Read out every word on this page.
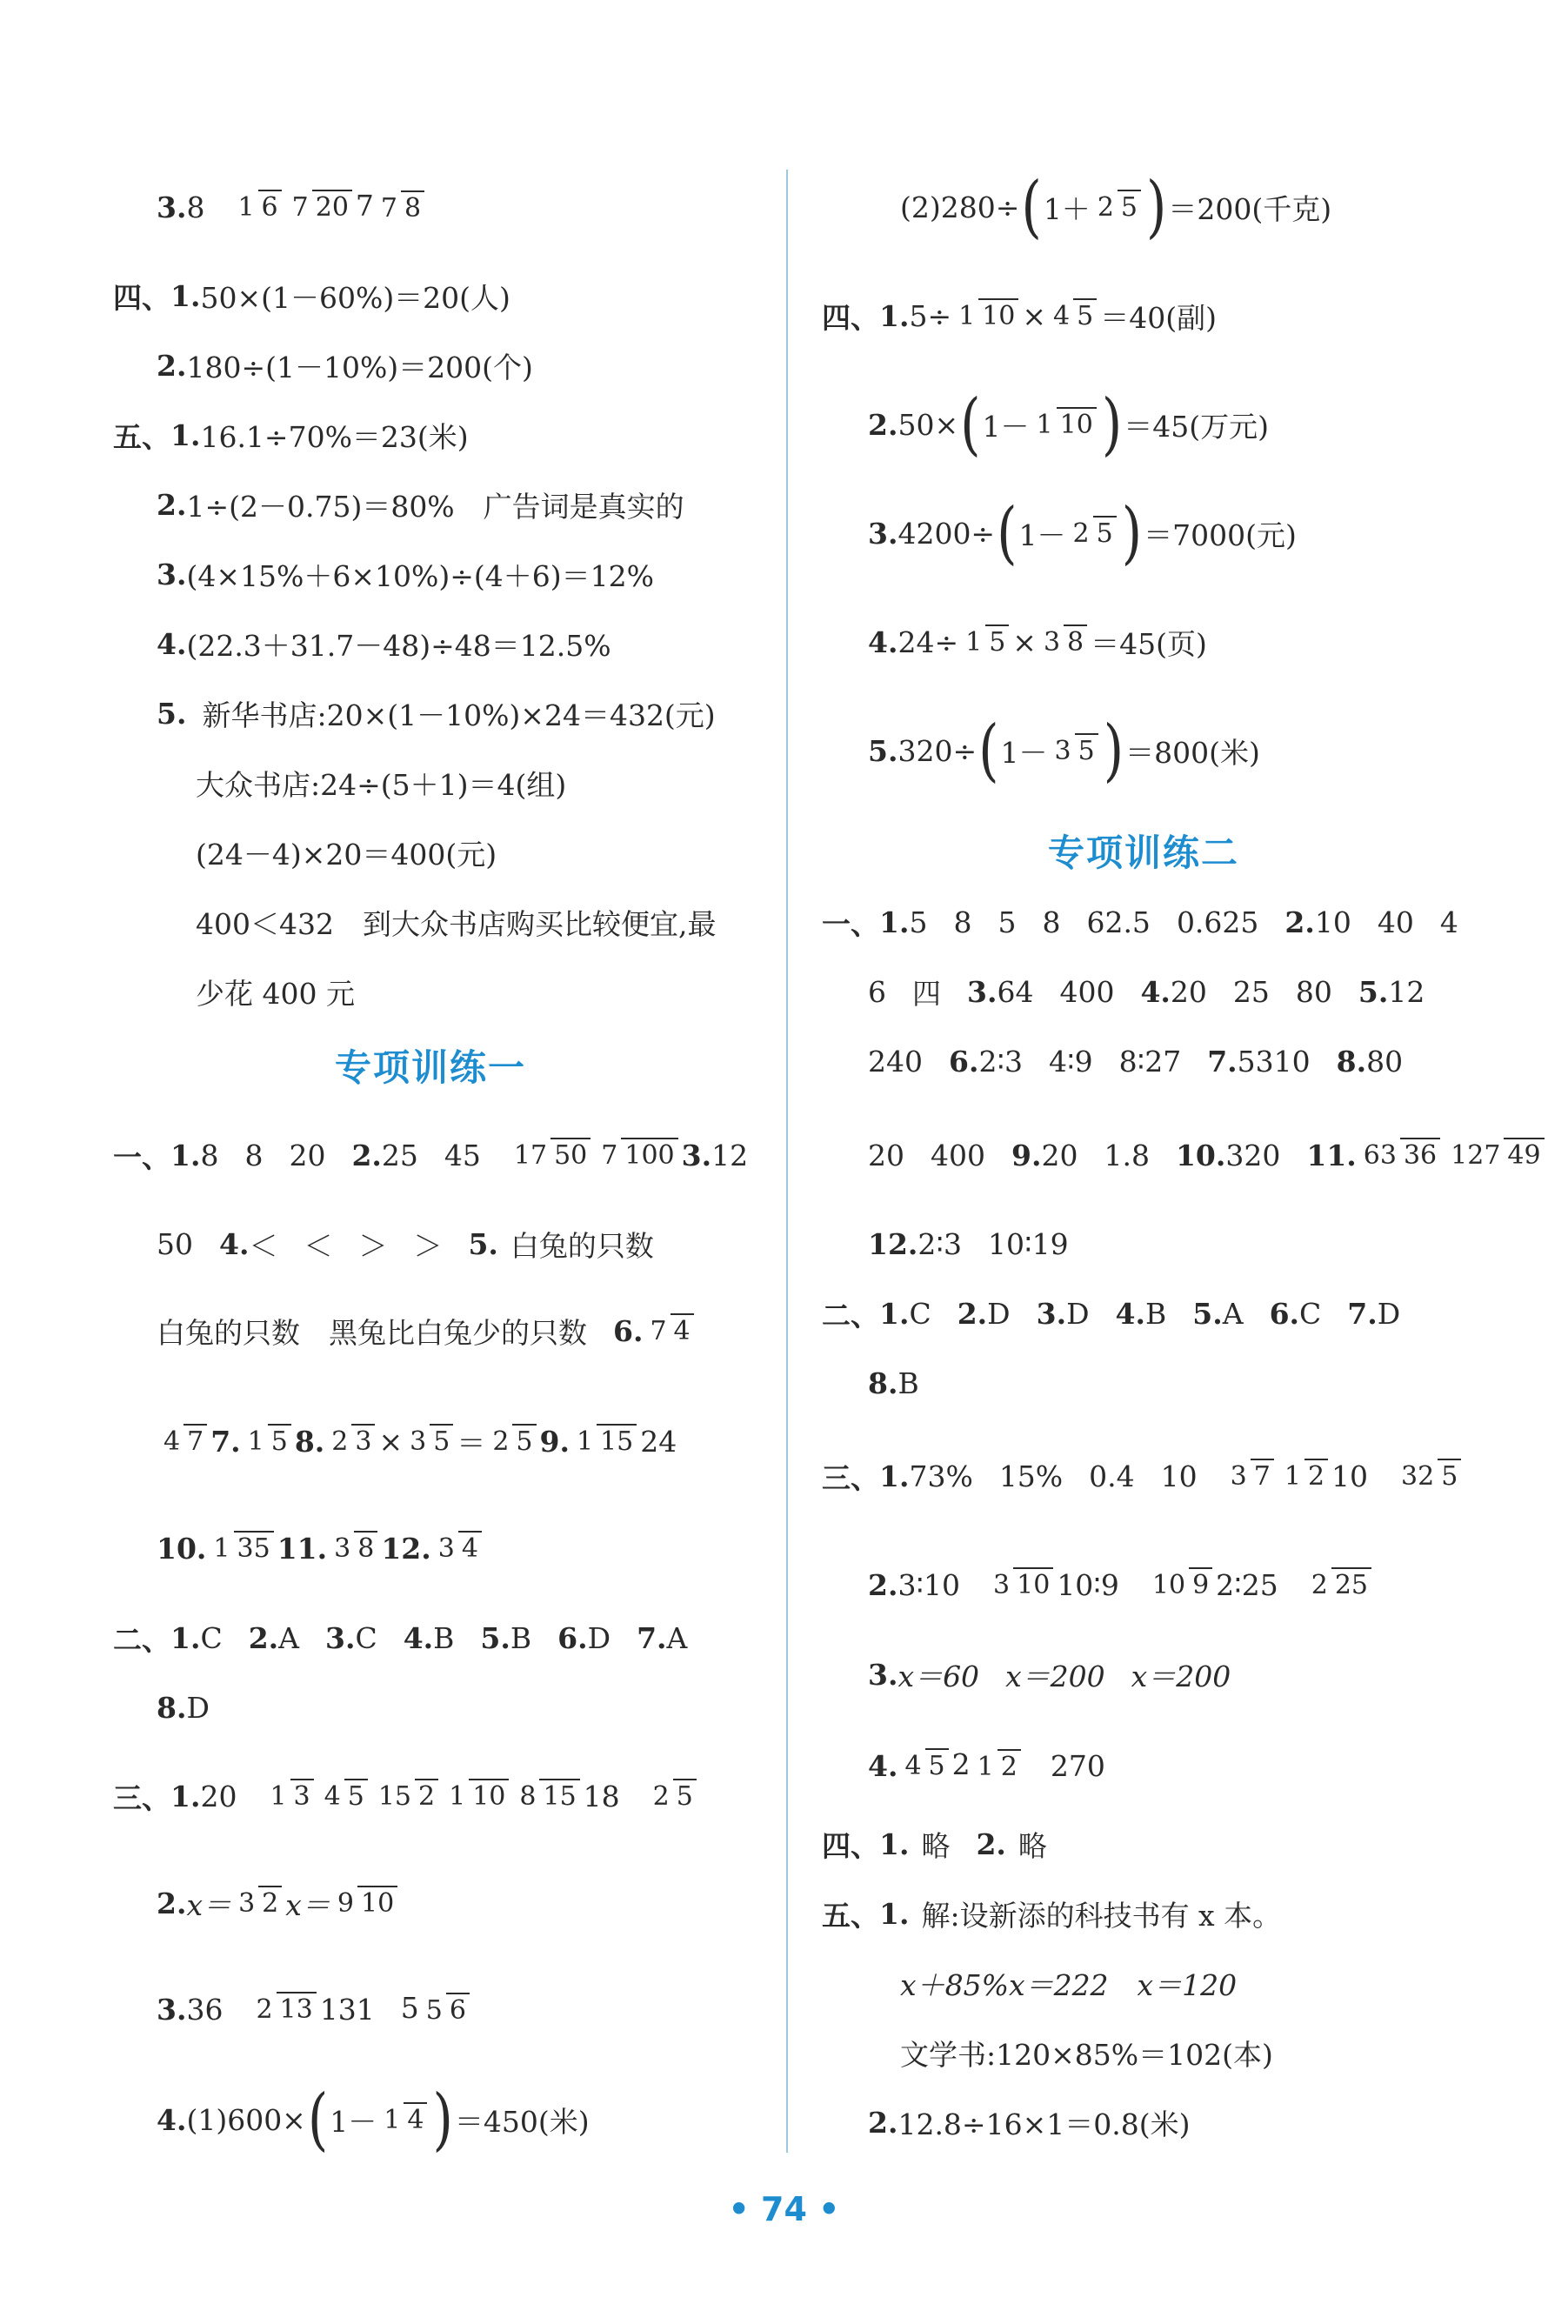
3. 8 1 6 7 20 7 7 8
四、 1. 50×(1－60%)＝20(人)
2. 180÷(1－10%)＝200(个)
五、 1. 16.1÷70%＝23(米)
2. 1÷(2－0.75)＝80%　广告词是真实的
3. (4×15%＋6×10%)÷(4＋6)＝12%
4. (22.3＋31.7－48)÷48＝12.5%
5. 新华书店:20×(1－10%)×24＝432(元)
大众书店:24÷(5＋1)＝4(组)
(24－4)×20＝400(元)
400＜432　到大众书店购买比较便宜,最
少花 400 元
专项训练一
一、 1. 8 8 20 2. 25 45 17 50 7 100 3. 12
50 4. ＜ ＜ ＞ ＞ 5. 白兔的只数
白兔的只数　黑兔比白兔少的只数 6. 7 4
4 7 7. 1 5 8. 2 3 × 3 5 ＝ 2 5 9. 1 15 24
10. 1 35 11. 3 8 12. 3 4
二、 1. C 2. A 3. C 4. B 5. B 6. D 7. A
8. D
三、 1. 20 1 3 4 5 15 2 1 10 8 15 18 2 5
2. x＝ 3 2 x＝ 9 10
3. 36 2 13 131 5 5 6
4. (1)600× ( 1－ 1 4 ) ＝450(米)
(2)280÷ ( 1＋ 2 5 ) ＝200(千克)
四、 1. 5÷ 1 10 × 4 5 ＝40(副)
2. 50× ( 1－ 1 10 ) ＝45(万元)
3. 4200÷ ( 1－ 2 5 ) ＝7000(元)
4. 24÷ 1 5 × 3 8 ＝45(页)
5. 320÷ ( 1－ 3 5 ) ＝800(米)
专项训练二
一、 1. 5 8 5 8 62.5 0.625 2. 10 40 4
6 四 3. 64 400 4. 20 25 80 5. 12
240 6. 2∶3 4∶9 8∶27 7. 5310 8. 80
20 400 9. 20 1.8 10. 320 11. 63 36 127 49
12. 2∶3 10∶19
二、 1. C 2. D 3. D 4. B 5. A 6. C 7. D
8. B
三、 1. 73% 15% 0.4 10 3 7 1 2 10 32 5
2. 3∶10 3 10 10∶9 10 9 2∶25 2 25
3. x＝60 x＝200 x＝200
4. 4 5 2 1 2 270
四、 1. 略 2. 略
五、 1. 解:设新添的科技书有 x 本。
x＋85%x＝222　x＝120
文学书:120×85%＝102(本)
2. 12.8÷16×1＝0.8(米)
• 74 •
